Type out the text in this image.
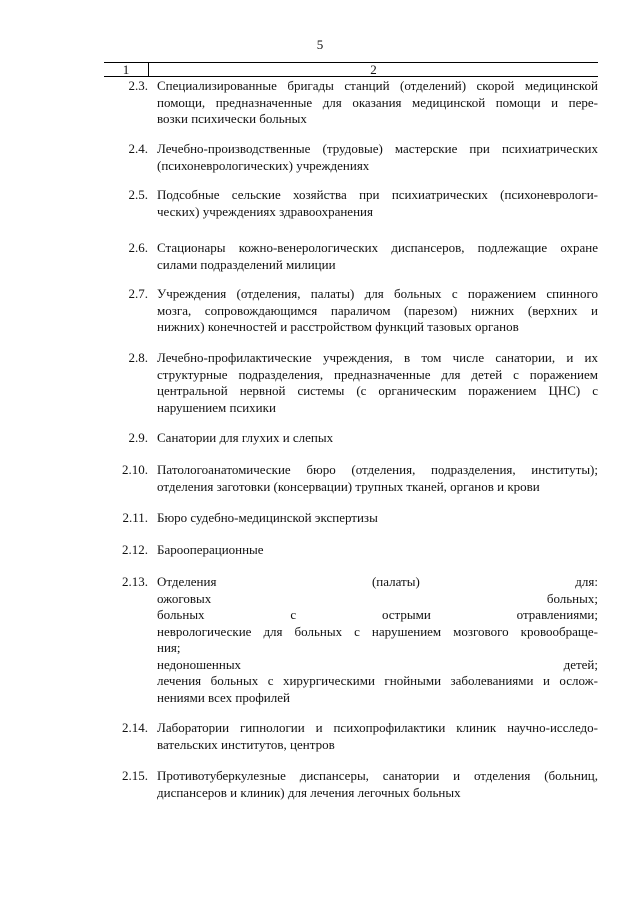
5
1	2
2.3. Специализированные бригады станций (отделений) скорой медицинской
помощи, предназначенные для оказания медицинской помощи и пере-
возки психически больных
2.4. Лечебно-производственные (трудовые) мастерские при психиатрических
(психоневрологических) учреждениях
2.5. Подсобные сельские хозяйства при психиатрических (психоневрологи-
ческих) учреждениях здравоохранения
2.6. Стационары кожно-венерологических диспансеров, подлежащие охране
силами подразделений милиции
2.7. Учреждения (отделения, палаты) для больных с поражением спинного
мозга, сопровождающимся параличом (парезом) нижних (верхних и
нижних) конечностей и расстройством функций тазовых органов
2.8. Лечебно-профилактические учреждения, в том числе санатории, и их
структурные подразделения, предназначенные для детей с поражением
центральной нервной системы (с органическим поражением ЦНС) с
нарушением психики
2.9. Санатории для глухих и слепых
2.10. Патологоанатомические бюро (отделения, подразделения, институты);
отделения заготовки (консервации) трупных тканей, органов и крови
2.11. Бюро судебно-медицинской экспертизы
2.12. Барооперационные
2.13. Отделения (палаты) для:
ожоговых больных;
больных с острыми отравлениями;
неврологические для больных с нарушением мозгового кровообраще-
ния;
недоношенных детей;
лечения больных с хирургическими гнойными заболеваниями и ослож-
нениями всех профилей
2.14. Лаборатории гипнологии и психопрофилактики клиник научно-исследо-
вательских институтов, центров
2.15. Противотуберкулезные диспансеры, санатории и отделения (больниц,
диспансеров и клиник) для лечения легочных больных
